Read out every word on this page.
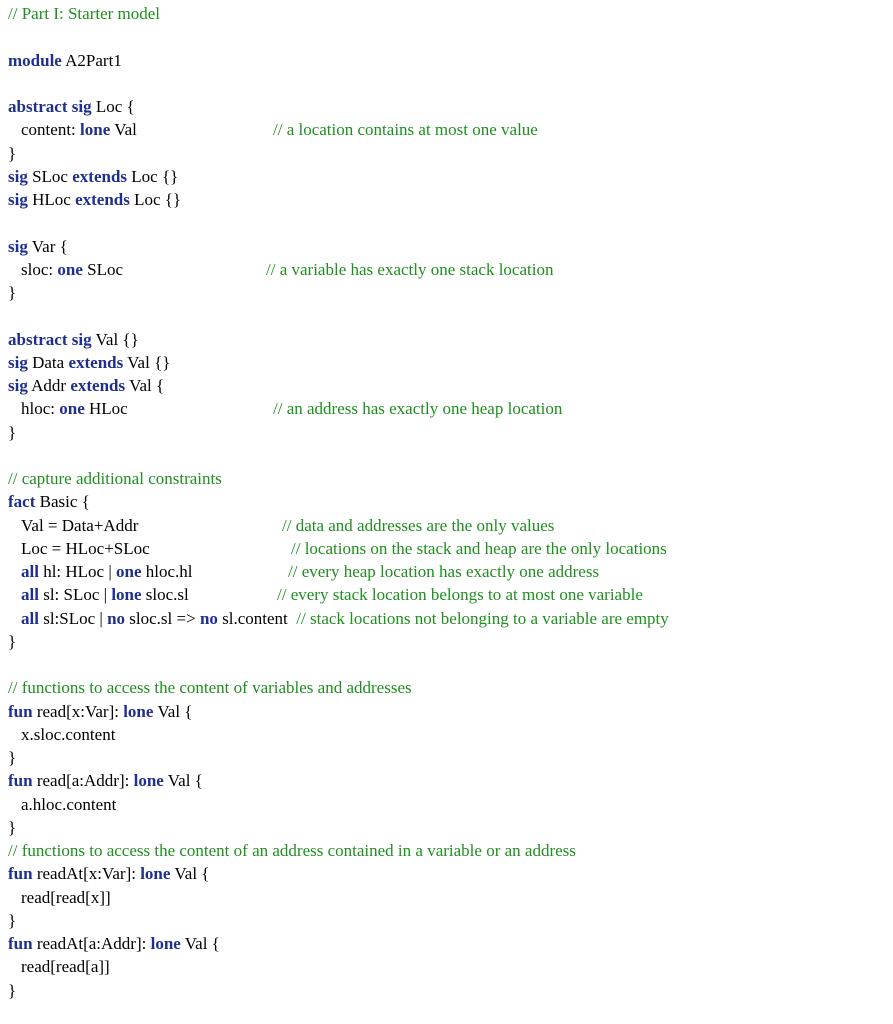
// Part I: Starter model
module A2Part1
abstract sig Loc {
content: lone Val	// a location contains at most one value
}
sig SLoc extends Loc {}
sig HLoc extends Loc {}
sig Var {
sloc: one SLoc	// a variable has exactly one stack location
}
abstract sig Val {}
sig Data extends Val {}
sig Addr extends Val {
hloc: one HLoc	// an address has exactly one heap location
}
// capture additional constraints
fact Basic {
Val = Data+Addr	// data and addresses are the only values
Loc = HLoc+SLoc	// locations on the stack and heap are the only locations
all hl: HLoc | one hloc.hl	// every heap location has exactly one address
all sl: SLoc | lone sloc.sl	// every stack location belongs to at most one variable
all sl:SLoc | no sloc.sl => no sl.content  // stack locations not belonging to a variable are empty
}
// functions to access the content of variables and addresses
fun read[x:Var]: lone Val {
x.sloc.content
}
fun read[a:Addr]: lone Val {
a.hloc.content
}
// functions to access the content of an address contained in a variable or an address
fun readAt[x:Var]: lone Val {
read[read[x]]
}
fun readAt[a:Addr]: lone Val {
read[read[a]]
}
